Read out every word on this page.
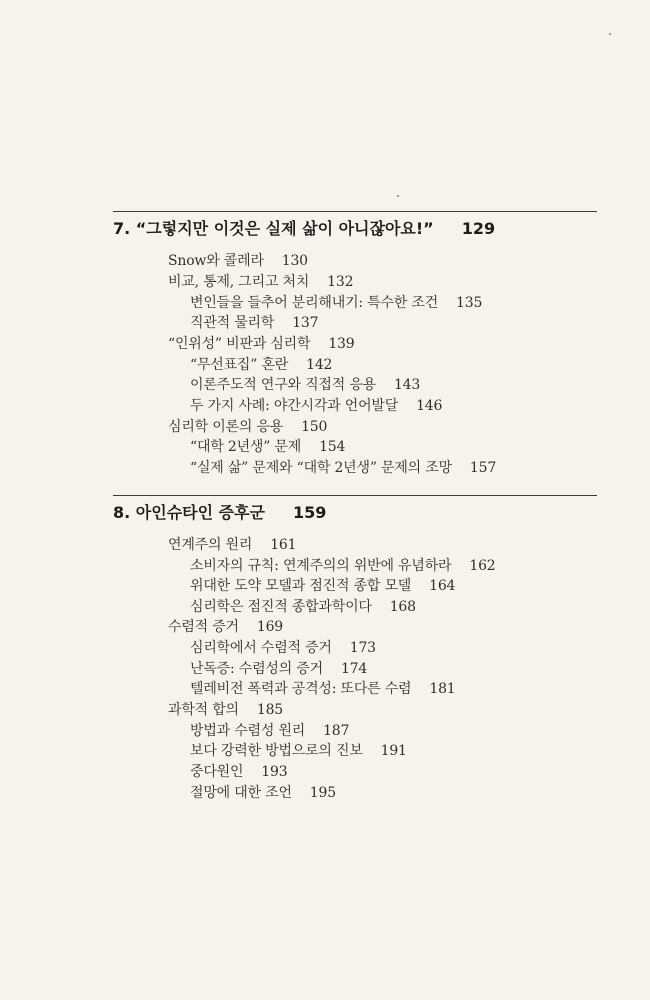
7. “그렇지만 이것은 실제 삶이 아니잖아요!” 129
Snow와 콜레라 130
비교, 통제, 그리고 처치 132
변인들을 들추어 분리해내기: 특수한 조건 135
직관적 물리학 137
“인위성” 비판과 심리학 139
“무선표집” 혼란 142
이론주도적 연구와 직접적 응용 143
두 가지 사례: 야간시각과 언어발달 146
심리학 이론의 응용 150
“대학 2년생” 문제 154
“실제 삶” 문제와 “대학 2년생” 문제의 조망 157
8. 아인슈타인 증후군 159
연계주의 원리 161
소비자의 규칙: 연계주의의 위반에 유념하라 162
위대한 도약 모델과 점진적 종합 모델 164
심리학은 점진적 종합과학이다 168
수렴적 증거 169
심리학에서 수렴적 증거 173
난독증: 수렴성의 증거 174
텔레비전 폭력과 공격성: 또다른 수렴 181
과학적 합의 185
방법과 수렴성 원리 187
보다 강력한 방법으로의 진보 191
중다원인 193
절망에 대한 조언 195
